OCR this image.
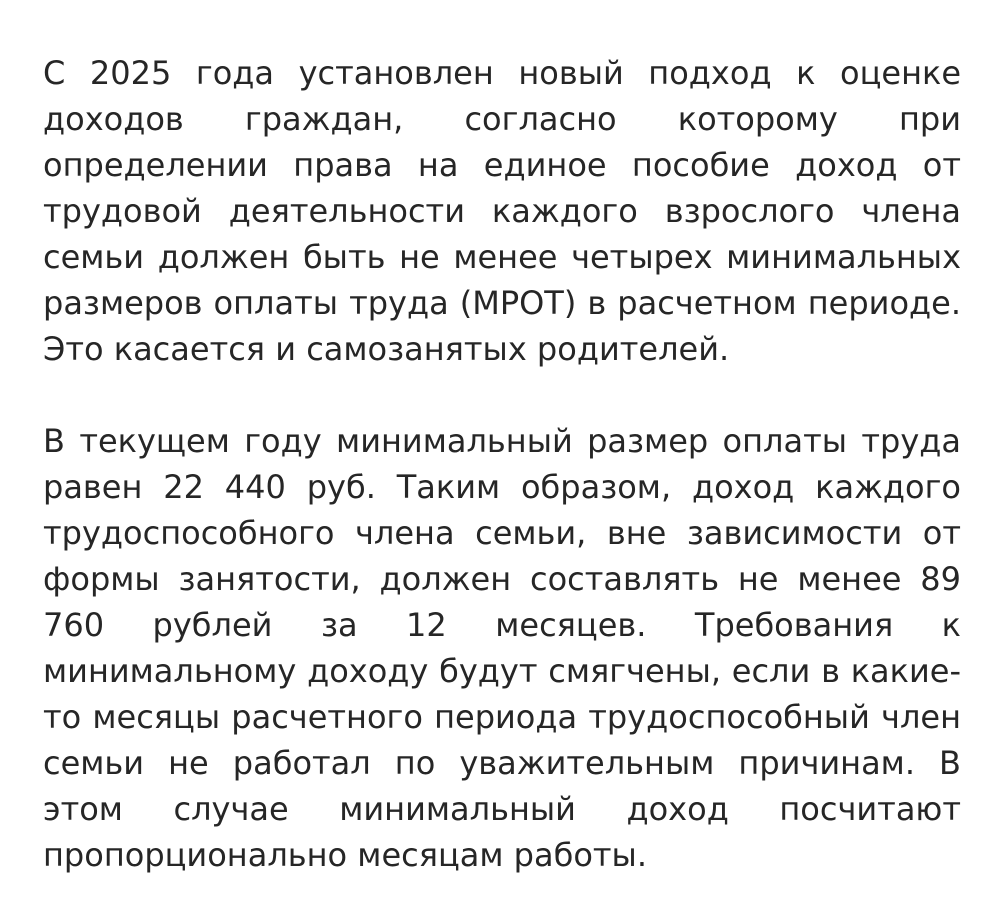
С 2025 года установлен новый подход к оценке доходов граждан, согласно которому при определении права на единое пособие доход от трудовой деятельности каждого взрослого члена семьи должен быть не менее четырех минимальных размеров оплаты труда (МРОТ) в расчетном периоде. Это касается и самозанятых родителей.

В текущем году минимальный размер оплаты труда равен 22 440 руб. Таким образом, доход каждого трудоспособного члена семьи, вне зависимости от формы занятости, должен составлять не менее 89 760 рублей за 12 месяцев. Требования к минимальному доходу будут смягчены, если в какие-то месяцы расчетного периода трудоспособный член семьи не работал по уважительным причинам. В этом случае минимальный доход посчитают пропорционально месяцам работы.
